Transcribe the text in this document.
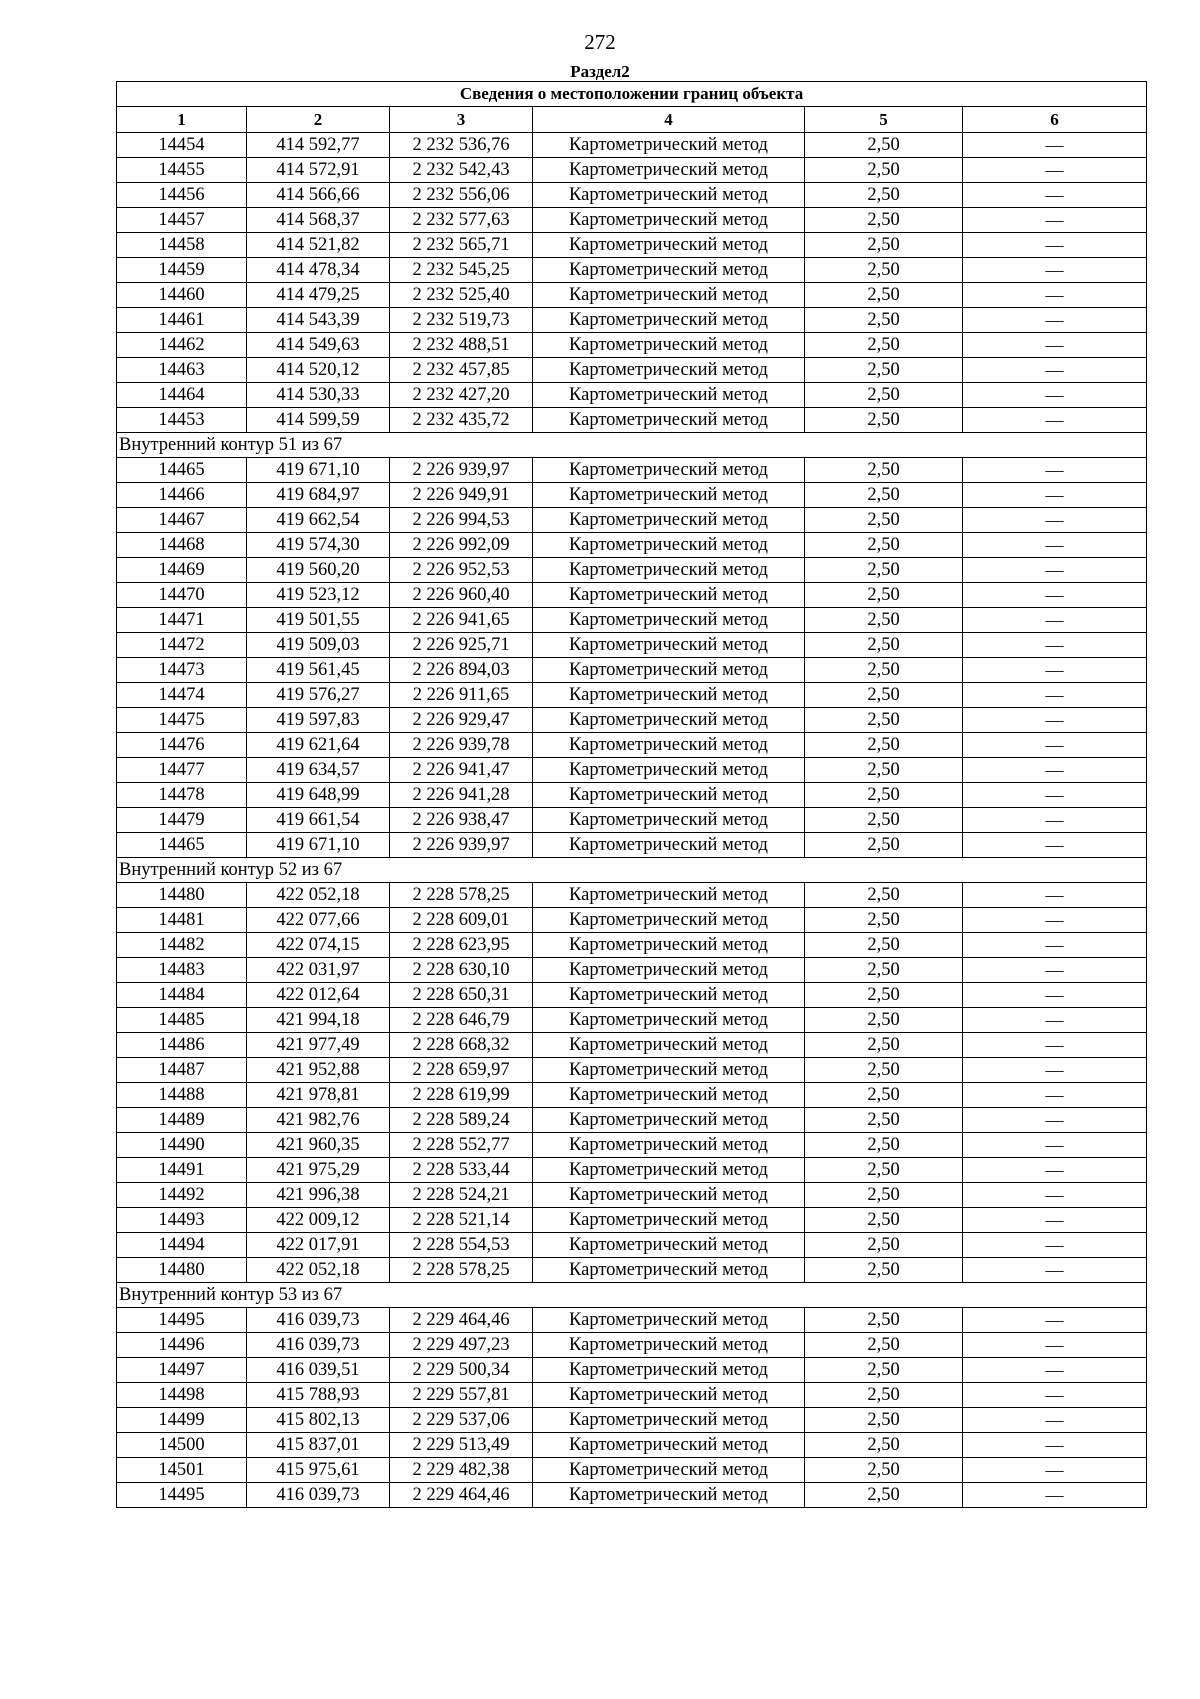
272
Раздел2
Сведения о местоположении границ объекта					
1	2	3	4	5	6
14454	414 592,77	2 232 536,76	Картометрический метод	2,50	—
14455	414 572,91	2 232 542,43	Картометрический метод	2,50	—
14456	414 566,66	2 232 556,06	Картометрический метод	2,50	—
14457	414 568,37	2 232 577,63	Картометрический метод	2,50	—
14458	414 521,82	2 232 565,71	Картометрический метод	2,50	—
14459	414 478,34	2 232 545,25	Картометрический метод	2,50	—
14460	414 479,25	2 232 525,40	Картометрический метод	2,50	—
14461	414 543,39	2 232 519,73	Картометрический метод	2,50	—
14462	414 549,63	2 232 488,51	Картометрический метод	2,50	—
14463	414 520,12	2 232 457,85	Картометрический метод	2,50	—
14464	414 530,33	2 232 427,20	Картометрический метод	2,50	—
14453	414 599,59	2 232 435,72	Картометрический метод	2,50	—
Внутренний контур 51 из 67					
14465	419 671,10	2 226 939,97	Картометрический метод	2,50	—
14466	419 684,97	2 226 949,91	Картометрический метод	2,50	—
14467	419 662,54	2 226 994,53	Картометрический метод	2,50	—
14468	419 574,30	2 226 992,09	Картометрический метод	2,50	—
14469	419 560,20	2 226 952,53	Картометрический метод	2,50	—
14470	419 523,12	2 226 960,40	Картометрический метод	2,50	—
14471	419 501,55	2 226 941,65	Картометрический метод	2,50	—
14472	419 509,03	2 226 925,71	Картометрический метод	2,50	—
14473	419 561,45	2 226 894,03	Картометрический метод	2,50	—
14474	419 576,27	2 226 911,65	Картометрический метод	2,50	—
14475	419 597,83	2 226 929,47	Картометрический метод	2,50	—
14476	419 621,64	2 226 939,78	Картометрический метод	2,50	—
14477	419 634,57	2 226 941,47	Картометрический метод	2,50	—
14478	419 648,99	2 226 941,28	Картометрический метод	2,50	—
14479	419 661,54	2 226 938,47	Картометрический метод	2,50	—
14465	419 671,10	2 226 939,97	Картометрический метод	2,50	—
Внутренний контур 52 из 67					
14480	422 052,18	2 228 578,25	Картометрический метод	2,50	—
14481	422 077,66	2 228 609,01	Картометрический метод	2,50	—
14482	422 074,15	2 228 623,95	Картометрический метод	2,50	—
14483	422 031,97	2 228 630,10	Картометрический метод	2,50	—
14484	422 012,64	2 228 650,31	Картометрический метод	2,50	—
14485	421 994,18	2 228 646,79	Картометрический метод	2,50	—
14486	421 977,49	2 228 668,32	Картометрический метод	2,50	—
14487	421 952,88	2 228 659,97	Картометрический метод	2,50	—
14488	421 978,81	2 228 619,99	Картометрический метод	2,50	—
14489	421 982,76	2 228 589,24	Картометрический метод	2,50	—
14490	421 960,35	2 228 552,77	Картометрический метод	2,50	—
14491	421 975,29	2 228 533,44	Картометрический метод	2,50	—
14492	421 996,38	2 228 524,21	Картометрический метод	2,50	—
14493	422 009,12	2 228 521,14	Картометрический метод	2,50	—
14494	422 017,91	2 228 554,53	Картометрический метод	2,50	—
14480	422 052,18	2 228 578,25	Картометрический метод	2,50	—
Внутренний контур 53 из 67					
14495	416 039,73	2 229 464,46	Картометрический метод	2,50	—
14496	416 039,73	2 229 497,23	Картометрический метод	2,50	—
14497	416 039,51	2 229 500,34	Картометрический метод	2,50	—
14498	415 788,93	2 229 557,81	Картометрический метод	2,50	—
14499	415 802,13	2 229 537,06	Картометрический метод	2,50	—
14500	415 837,01	2 229 513,49	Картометрический метод	2,50	—
14501	415 975,61	2 229 482,38	Картометрический метод	2,50	—
14495	416 039,73	2 229 464,46	Картометрический метод	2,50	—
